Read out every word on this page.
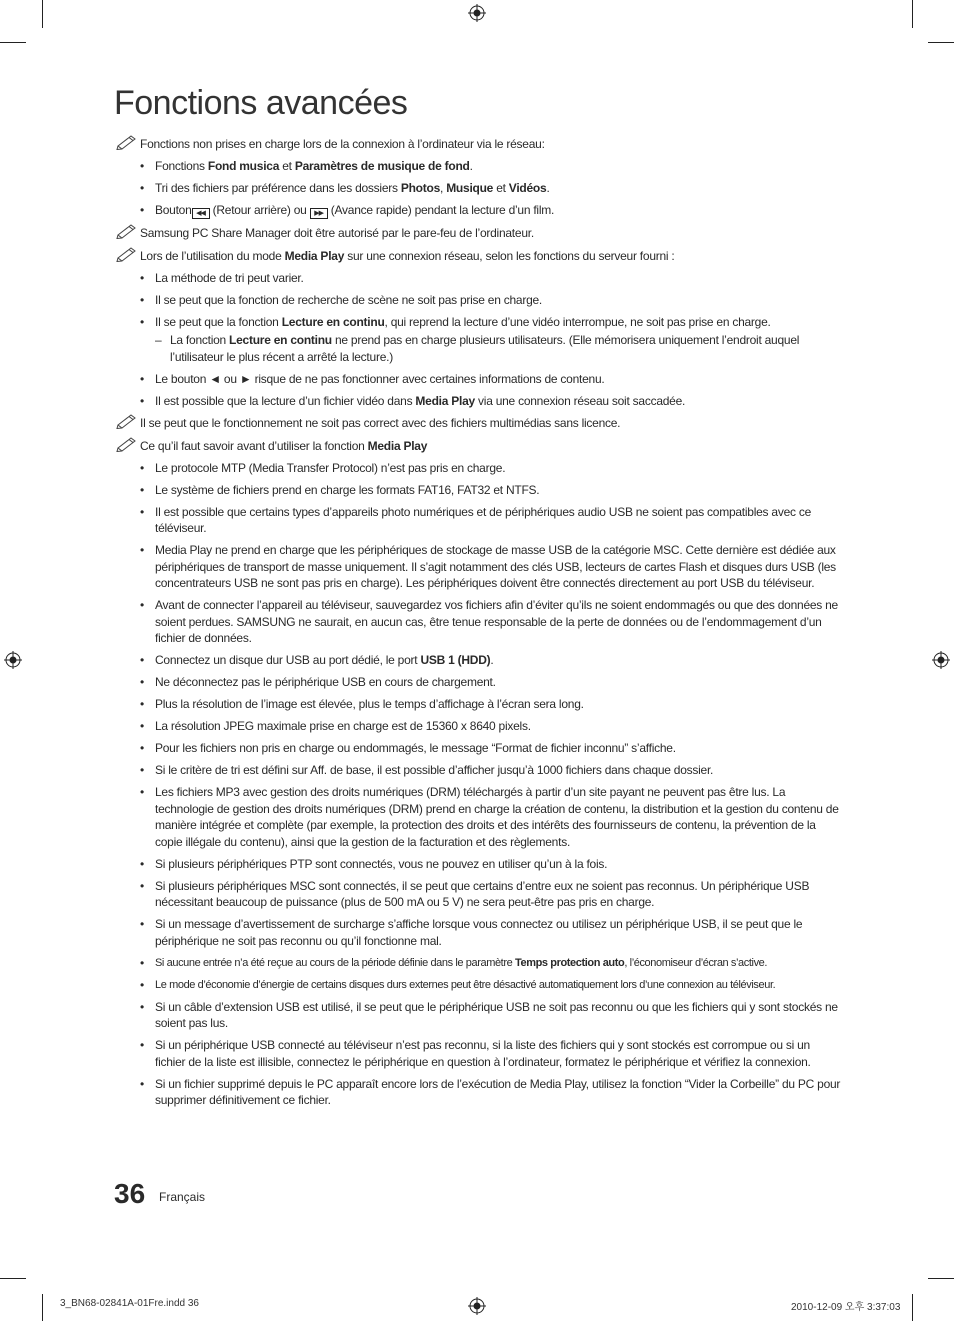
Fonctions avancées
Fonctions non prises en charge lors de la connexion à l’ordinateur via le réseau:
• Fonctions Fond musica et Paramètres de musique de fond.
• Tri des fichiers par préférence dans les dossiers Photos, Musique et Vidéos.
• Bouton ◀◀ (Retour arrière) ou ▶▶ (Avance rapide) pendant la lecture d’un film.
Samsung PC Share Manager doit être autorisé par le pare-feu de l’ordinateur.
Lors de l’utilisation du mode Media Play sur une connexion réseau, selon les fonctions du serveur fourni :
• La méthode de tri peut varier.
• Il se peut que la fonction de recherche de scène ne soit pas prise en charge.
• Il se peut que la fonction Lecture en continu, qui reprend la lecture d’une vidéo interrompue, ne soit pas prise en charge.
– La fonction Lecture en continu ne prend pas en charge plusieurs utilisateurs. (Elle mémorisera uniquement l’endroit auquel l’utilisateur le plus récent a arrêté la lecture.)
• Le bouton ◄ ou ► risque de ne pas fonctionner avec certaines informations de contenu.
• Il est possible que la lecture d’un fichier vidéo dans Media Play via une connexion réseau soit saccadée.
Il se peut que le fonctionnement ne soit pas correct avec des fichiers multimédias sans licence.
Ce qu’il faut savoir avant d’utiliser la fonction Media Play
• Le protocole MTP (Media Transfer Protocol) n’est pas pris en charge.
• Le système de fichiers prend en charge les formats FAT16, FAT32 et NTFS.
• Il est possible que certains types d’appareils photo numériques et de périphériques audio USB ne soient pas compatibles avec ce téléviseur.
• Media Play ne prend en charge que les périphériques de stockage de masse USB de la catégorie MSC. Cette dernière est dédiée aux périphériques de transport de masse uniquement. Il s’agit notamment des clés USB, lecteurs de cartes Flash et disques durs USB (les concentrateurs USB ne sont pas pris en charge). Les périphériques doivent être connectés directement au port USB du téléviseur.
• Avant de connecter l’appareil au téléviseur, sauvegardez vos fichiers afin d’éviter qu’ils ne soient endommagés ou que des données ne soient perdues. SAMSUNG ne saurait, en aucun cas, être tenue responsable de la perte de données ou de l’endommagement d’un fichier de données.
• Connectez un disque dur USB au port dédié, le port USB 1 (HDD).
• Ne déconnectez pas le périphérique USB en cours de chargement.
• Plus la résolution de l’image est élevée, plus le temps d’affichage à l’écran sera long.
• La résolution JPEG maximale prise en charge est de 15360 x 8640 pixels.
• Pour les fichiers non pris en charge ou endommagés, le message “Format de fichier inconnu” s’affiche.
• Si le critère de tri est défini sur Aff. de base, il est possible d’afficher jusqu’à 1000 fichiers dans chaque dossier.
• Les fichiers MP3 avec gestion des droits numériques (DRM) téléchargés à partir d’un site payant ne peuvent pas être lus. La technologie de gestion des droits numériques (DRM) prend en charge la création de contenu, la distribution et la gestion du contenu de manière intégrée et complète (par exemple, la protection des droits et des intérêts des fournisseurs de contenu, la prévention de la copie illégale du contenu), ainsi que la gestion de la facturation et des règlements.
• Si plusieurs périphériques PTP sont connectés, vous ne pouvez en utiliser qu’un à la fois.
• Si plusieurs périphériques MSC sont connectés, il se peut que certains d’entre eux ne soient pas reconnus. Un périphérique USB nécessitant beaucoup de puissance (plus de 500 mA ou 5 V) ne sera peut-être pas pris en charge.
• Si un message d’avertissement de surcharge s’affiche lorsque vous connectez ou utilisez un périphérique USB, il se peut que le périphérique ne soit pas reconnu ou qu’il fonctionne mal.
• Si aucune entrée n’a été reçue au cours de la période définie dans le paramètre Temps protection auto, l’économiseur d’écran s’active.
• Le mode d’économie d’énergie de certains disques durs externes peut être désactivé automatiquement lors d’une connexion au téléviseur.
• Si un câble d’extension USB est utilisé, il se peut que le périphérique USB ne soit pas reconnu ou que les fichiers qui y sont stockés ne soient pas lus.
• Si un périphérique USB connecté au téléviseur n’est pas reconnu, si la liste des fichiers qui y sont stockés est corrompue ou si un fichier de la liste est illisible, connectez le périphérique en question à l’ordinateur, formatez le périphérique et vérifiez la connexion.
• Si un fichier supprimé depuis le PC apparaît encore lors de l’exécution de Media Play, utilisez la fonction “Vider la Corbeille” du PC pour supprimer définitivement ce fichier.
36 Français
3_BN68-02841A-01Fre.indd 36	2010-12-09 오후 3:37:03
